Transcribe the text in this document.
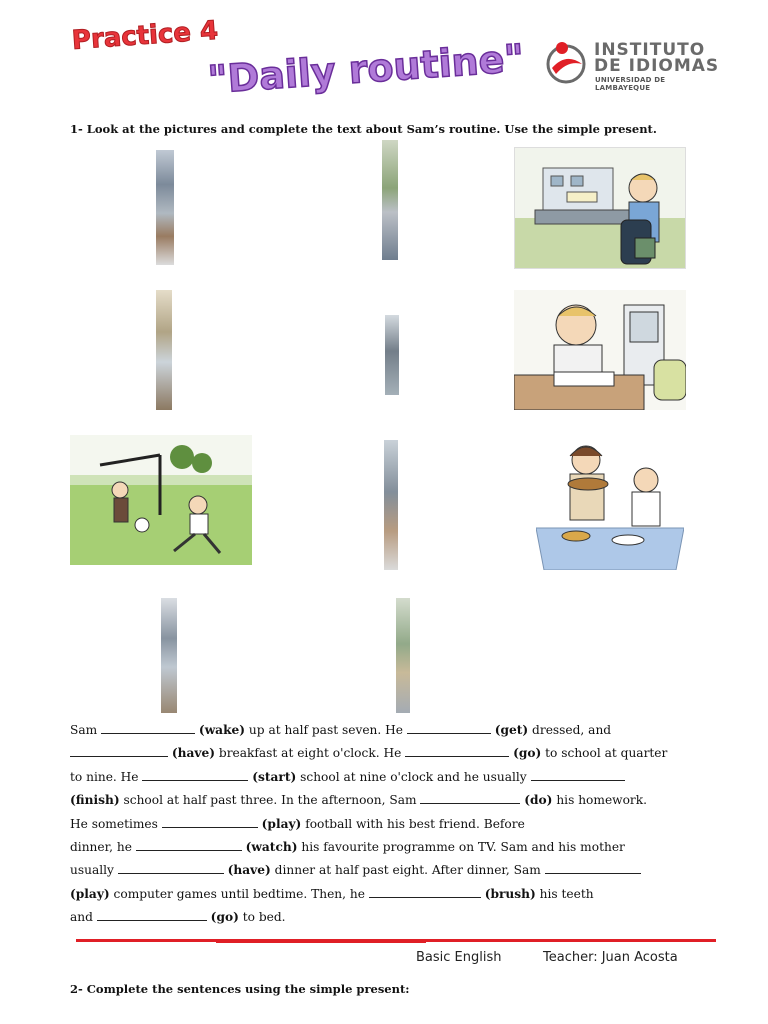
Practice 4
"Daily routine"	INSTITUTO
DE IDIOMAS
UNIVERSIDAD DE LAMBAYEQUE
1- Look at the pictures and complete the text about Sam’s routine. Use the simple present.

Sam	(wake) up at half past seven. He	(get) dressed, and

(have) breakfast at eight o'clock. He	(go) to school at quarter

to nine. He	(start) school at nine o'clock and he usually

(finish) school at half past three. In the afternoon, Sam	(do) his homework.

He sometimes	(play) football with his best friend. Before

dinner, he	(watch) his favourite programme on TV. Sam and his mother

usually	(have) dinner at half past eight. After dinner, Sam

(play) computer games until bedtime. Then, he	(brush) his teeth

and	(go) to bed.

Basic English	Teacher: Juan Acosta
2- Complete the sentences using the simple present:
